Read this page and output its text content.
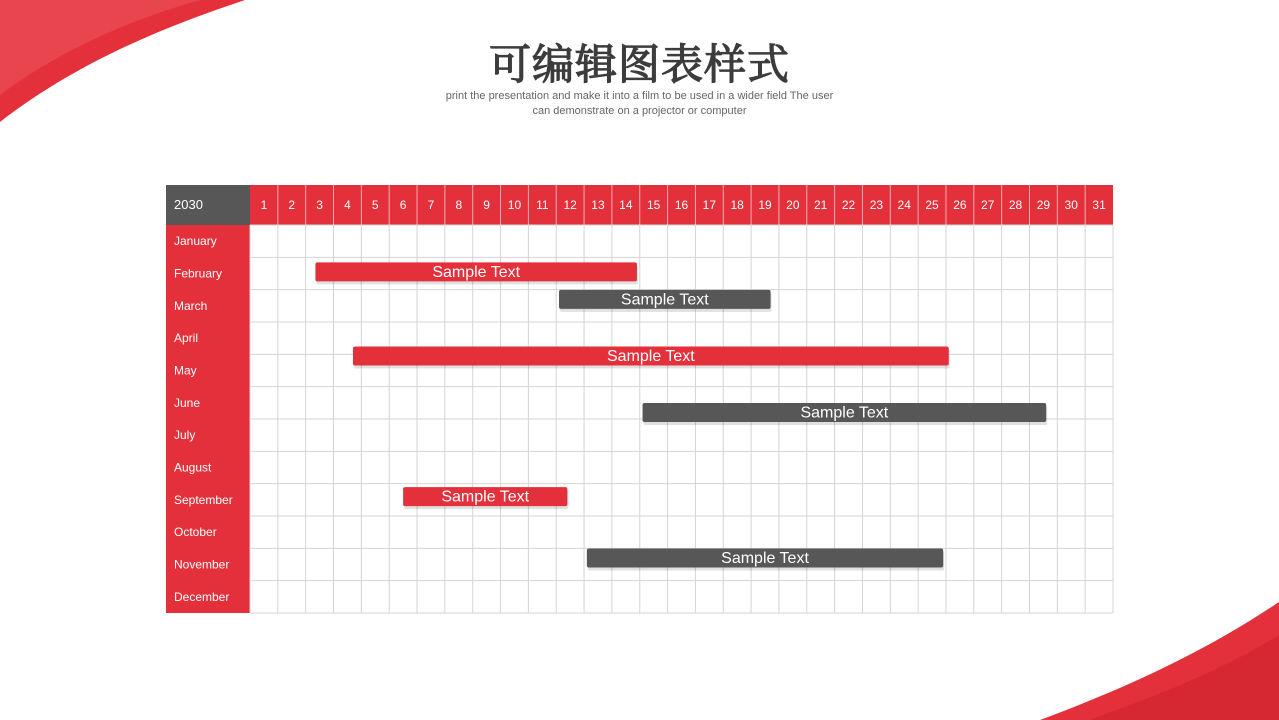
可编辑图表样式
print the presentation and make it into a film to be used in a wider field The user
can demonstrate on a projector or computer
2030	1 2 3 4 5 6 7 8 9 10 11 12 13 14 15 16 17 18 19 20 21 22 23 24 25 26 27 28 29 30 31
January
February
March
April
May
June
July
August
September
October
November
December
Sample Text
Sample Text
Sample Text
Sample Text
Sample Text
Sample Text
